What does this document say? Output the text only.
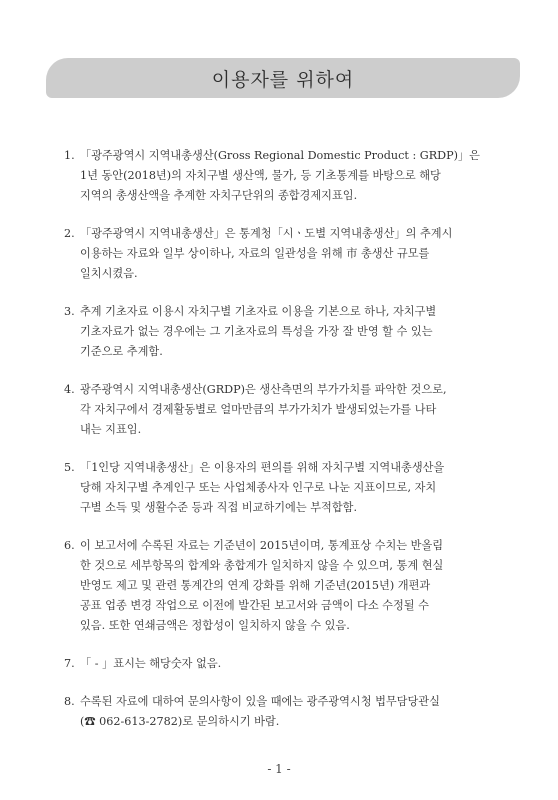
이용자를 위하여
1. 「광주광역시 지역내총생산(Gross Regional Domestic Product : GRDP)」은
1년 동안(2018년)의 자치구별 생산액, 물가, 등 기초통계를 바탕으로 해당
지역의 총생산액을 추계한 자치구단위의 종합경제지표임.
2. 「광주광역시 지역내총생산」은 통계청「시ㆍ도별 지역내총생산」의 추계시
이용하는 자료와 일부 상이하나, 자료의 일관성을 위해 市 총생산 규모를
일치시켰음.
3. 추계 기초자료 이용시 자치구별 기초자료 이용을 기본으로 하나, 자치구별
기초자료가 없는 경우에는 그 기초자료의 특성을 가장 잘 반영 할 수 있는
기준으로 추계함.
4. 광주광역시 지역내총생산(GRDP)은 생산측면의 부가가치를 파악한 것으로,
각 자치구에서 경제활동별로 얼마만큼의 부가가치가 발생되었는가를 나타
내는 지표임.
5. 「1인당 지역내총생산」은 이용자의 편의를 위해 자치구별 지역내총생산을
당해 자치구별 추계인구 또는 사업체종사자 인구로 나눈 지표이므로, 자치
구별 소득 및 생활수준 등과 직접 비교하기에는 부적합함.
6. 이 보고서에 수록된 자료는 기준년이 2015년이며, 통계표상 수치는 반올림
한 것으로 세부항목의 합계와 총합계가 일치하지 않을 수 있으며, 통계 현실
반영도 제고 및 관련 통계간의 연계 강화를 위해 기준년(2015년) 개편과
공표 업종 변경 작업으로 이전에 발간된 보고서와 금액이 다소 수정될 수
있음. 또한 연쇄금액은 정합성이 일치하지 않을 수 있음.
7. 「 - 」표시는 해당숫자 없음.
8. 수록된 자료에 대하여 문의사항이 있을 때에는 광주광역시청 법무담당관실
(☎ 062-613-2782)로 문의하시기 바람.
- 1 -
